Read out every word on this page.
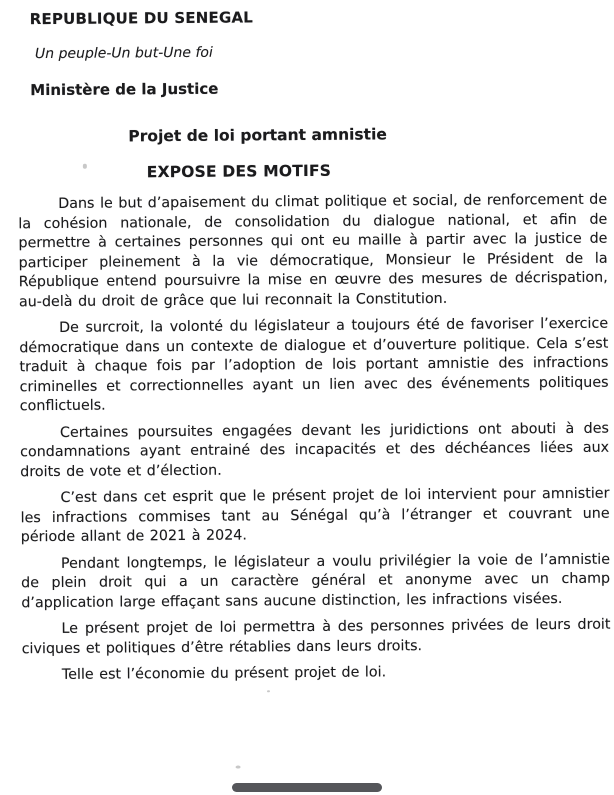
REPUBLIQUE DU SENEGAL
Un peuple-Un but-Une foi
Ministère de la Justice
Projet de loi portant amnistie
EXPOSE DES MOTIFS

Dans le but d’apaisement du climat politique et social, de renforcement de la cohésion nationale, de consolidation du dialogue national, et afin de permettre à certaines personnes qui ont eu maille à partir avec la justice de participer pleinement à la vie démocratique, Monsieur le Président de la République entend poursuivre la mise en œuvre des mesures de décrispation, au-delà du droit de grâce que lui reconnait la Constitution.

De surcroit, la volonté du législateur a toujours été de favoriser l’exercice démocratique dans un contexte de dialogue et d’ouverture politique. Cela s’est traduit à chaque fois par l’adoption de lois portant amnistie des infractions criminelles et correctionnelles ayant un lien avec des événements politiques conflictuels.

Certaines poursuites engagées devant les juridictions ont abouti à des condamnations ayant entrainé des incapacités et des déchéances liées aux droits de vote et d’élection.

C’est dans cet esprit que le présent projet de loi intervient pour amnistier les infractions commises tant au Sénégal qu’à l’étranger et couvrant une période allant de 2021 à 2024.

Pendant longtemps, le législateur a voulu privilégier la voie de l’amnistie de plein droit qui a un caractère général et anonyme avec un champ d’application large effaçant sans aucune distinction, les infractions visées.

Le présent projet de loi permettra à des personnes privées de leurs droit civiques et politiques d’être rétablies dans leurs droits.

Telle est l’économie du présent projet de loi.
